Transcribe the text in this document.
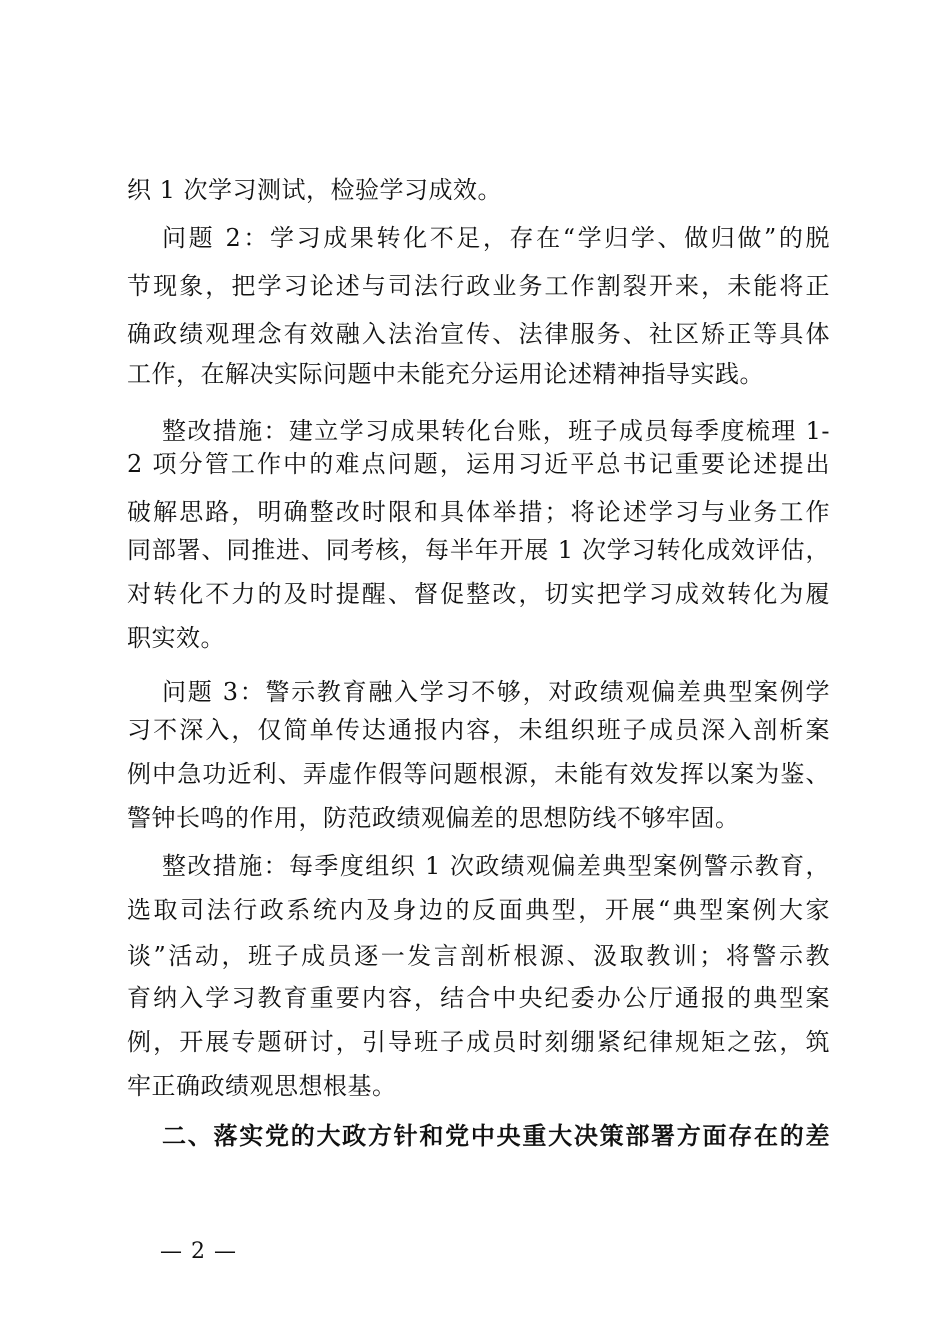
织 1 次学习测试，检验学习成效。
问题 2：学习成果转化不足，存在“学归学、做归做”的脱
节现象，把学习论述与司法行政业务工作割裂开来，未能将正
确政绩观理念有效融入法治宣传、法律服务、社区矫正等具体
工作，在解决实际问题中未能充分运用论述精神指导实践。
整改措施：建立学习成果转化台账，班子成员每季度梳理 1-
2 项分管工作中的难点问题，运用习近平总书记重要论述提出
破解思路，明确整改时限和具体举措；将论述学习与业务工作
同部署、同推进、同考核，每半年开展 1 次学习转化成效评估，
对转化不力的及时提醒、督促整改，切实把学习成效转化为履
职实效。
问题 3：警示教育融入学习不够，对政绩观偏差典型案例学
习不深入，仅简单传达通报内容，未组织班子成员深入剖析案
例中急功近利、弄虚作假等问题根源，未能有效发挥以案为鉴、
警钟长鸣的作用，防范政绩观偏差的思想防线不够牢固。
整改措施：每季度组织 1 次政绩观偏差典型案例警示教育，
选取司法行政系统内及身边的反面典型，开展“典型案例大家
谈”活动，班子成员逐一发言剖析根源、汲取教训；将警示教
育纳入学习教育重要内容，结合中央纪委办公厅通报的典型案
例，开展专题研讨，引导班子成员时刻绷紧纪律规矩之弦，筑
牢正确政绩观思想根基。
二、落实党的大政方针和党中央重大决策部署方面存在的差
— 2 —
